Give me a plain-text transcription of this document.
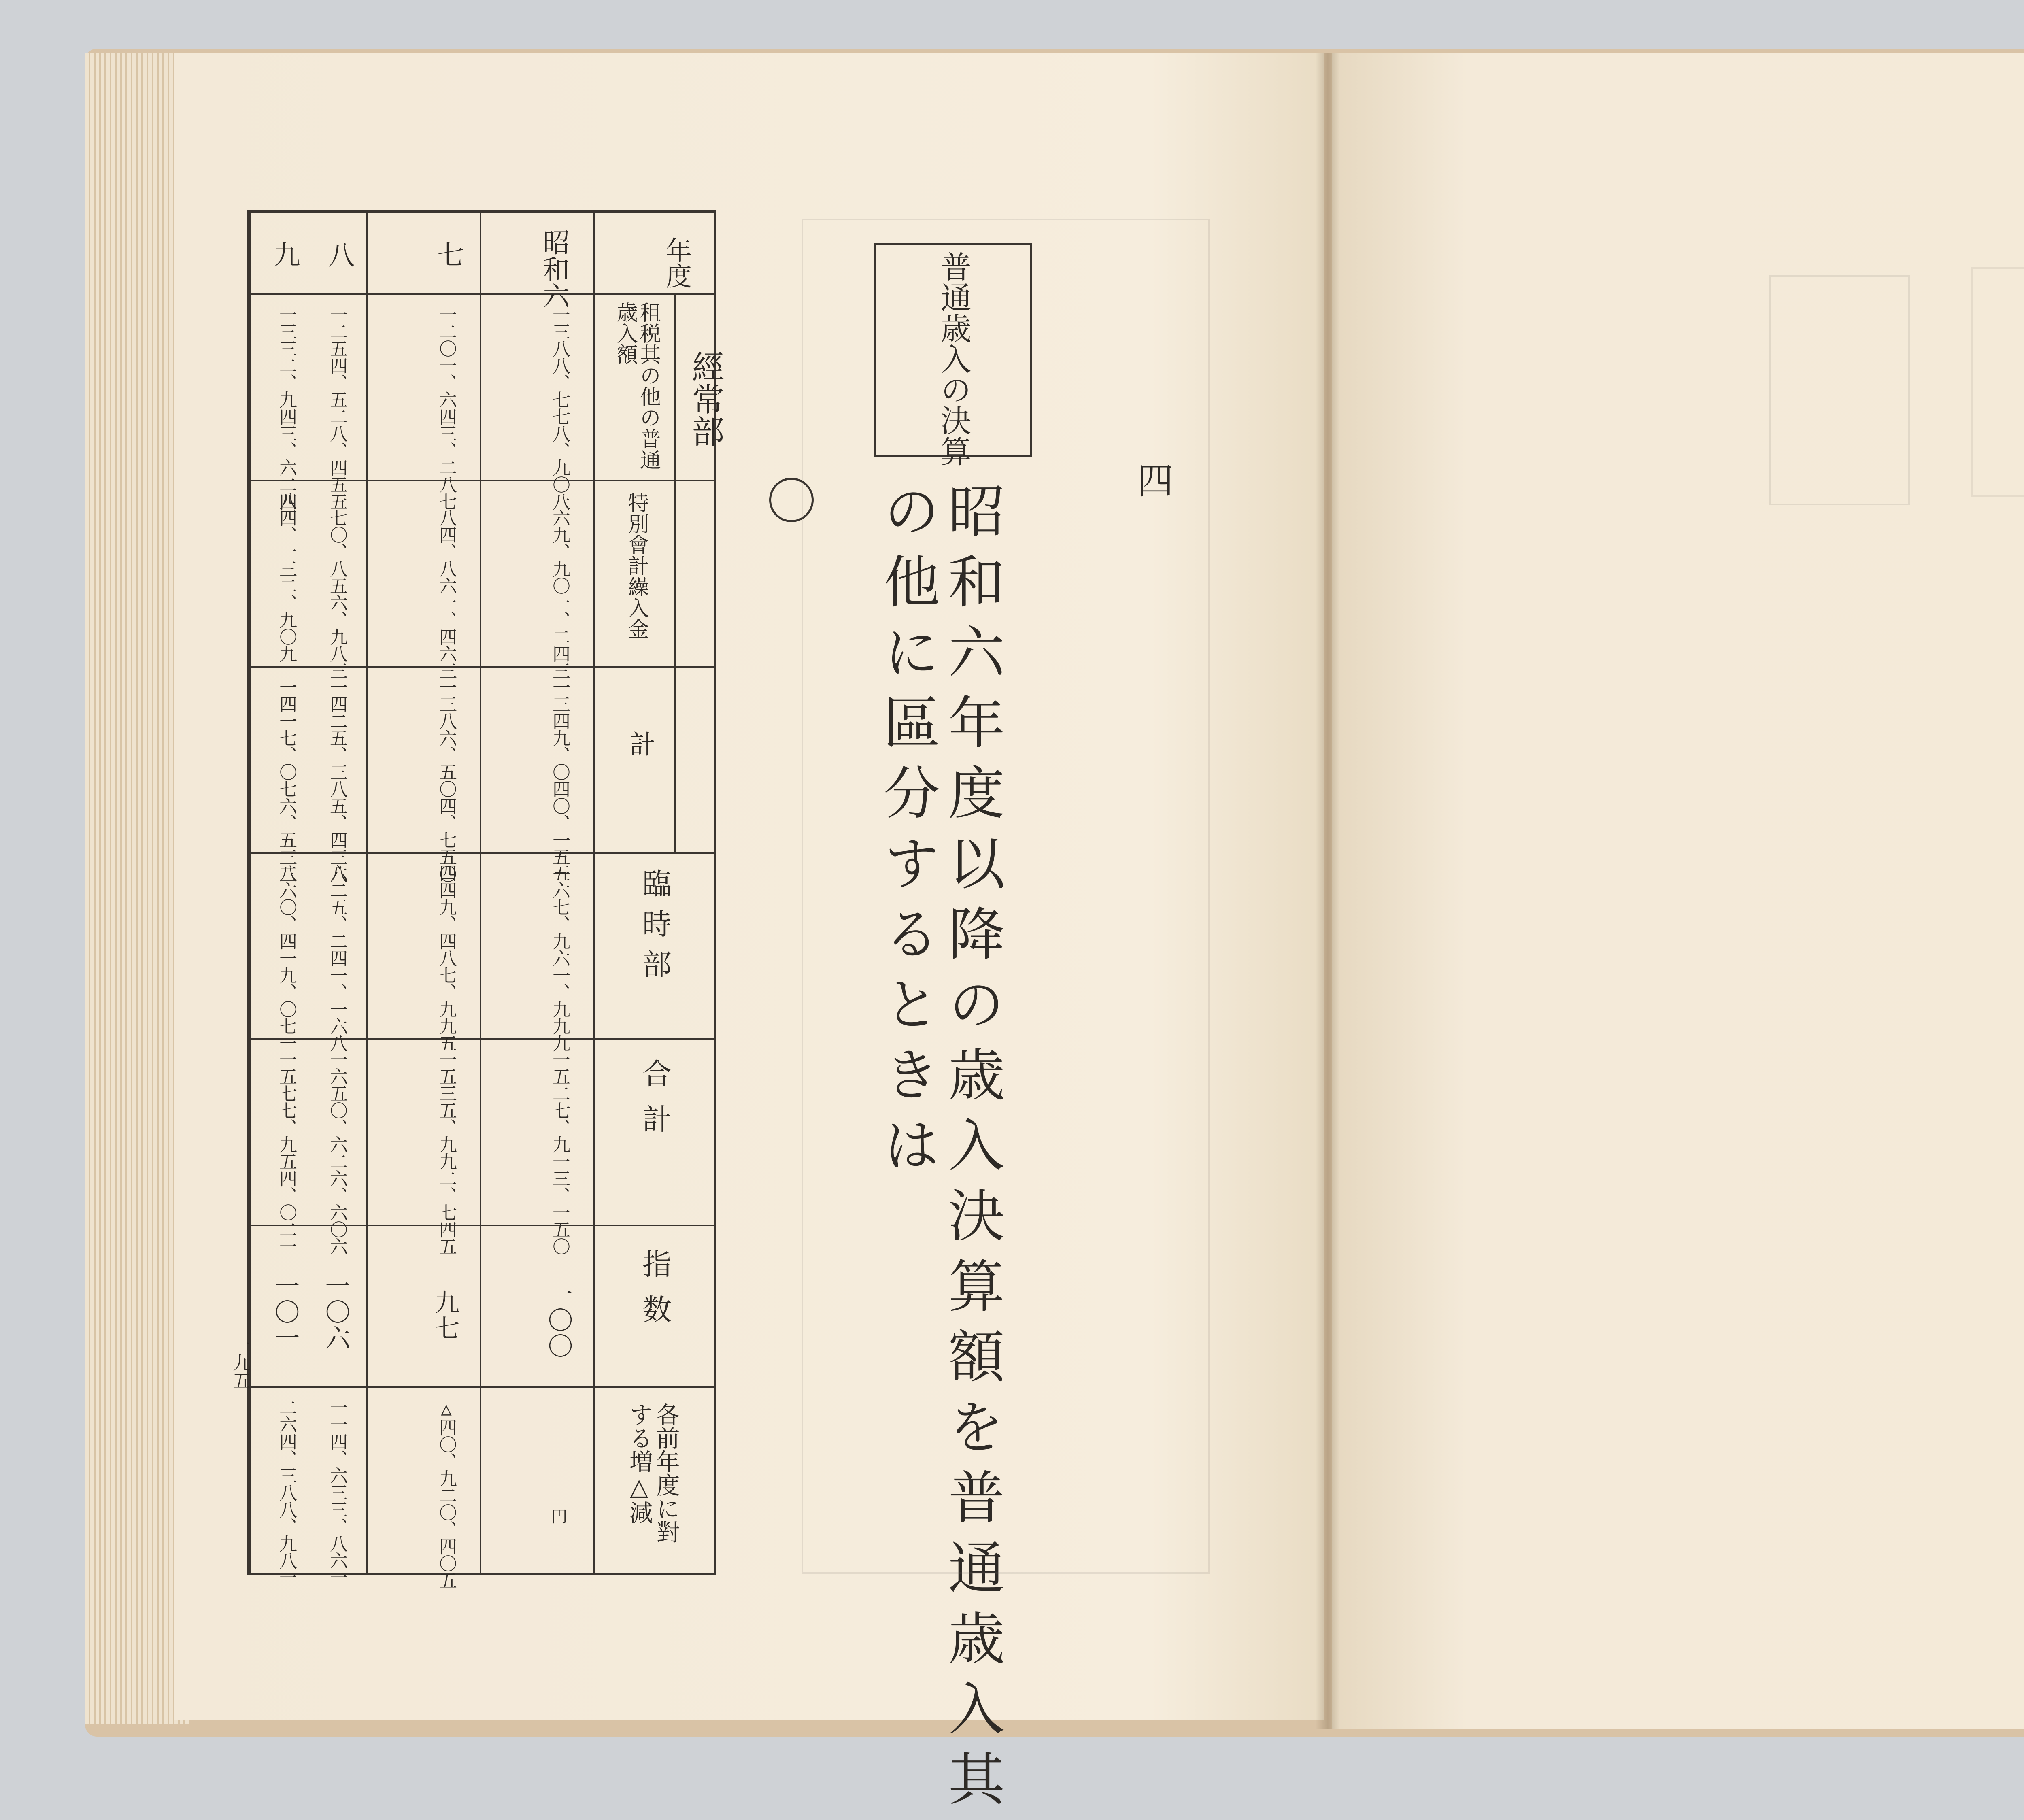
年度
經常部
租税其の他の普通歳入額
特別會計繰入金
計
臨時部
合計
指数
各前年度に對する増△減
昭和六
七
八
九
一三八八、七七八、九〇八
一六九、九〇一、二四三
一三四九、〇四〇、一五一
五六七、九六一、九九九
一五二七、九一三、一五〇
一〇〇
円
一二〇一、六四三、二八七
一八四、八六一、四六三
一三八六、五〇四、七五〇
四四九、四八七、九九五
一五三五、九九二、七四五
九七
△四〇、九二〇、四〇五
一二五四、五二八、四五五
一七〇、八五六、九八三
一四二五、三八五、四三八
六二五、二四一、一六八
一六五〇、六二六、六〇六
一〇六
一一四、六三三、八六一
一三三二、九四三、六二四
八四、一三二、九〇九
一四一七、〇七六、五三三
八六〇、四一九、〇七一
一五七七、九五四、〇二一
一〇一
二六四、三八八、九八一
一九五
普通歳入の決算
四
昭和六年度以降の歳入決算額を普通歳入其
の他に區分するときは
